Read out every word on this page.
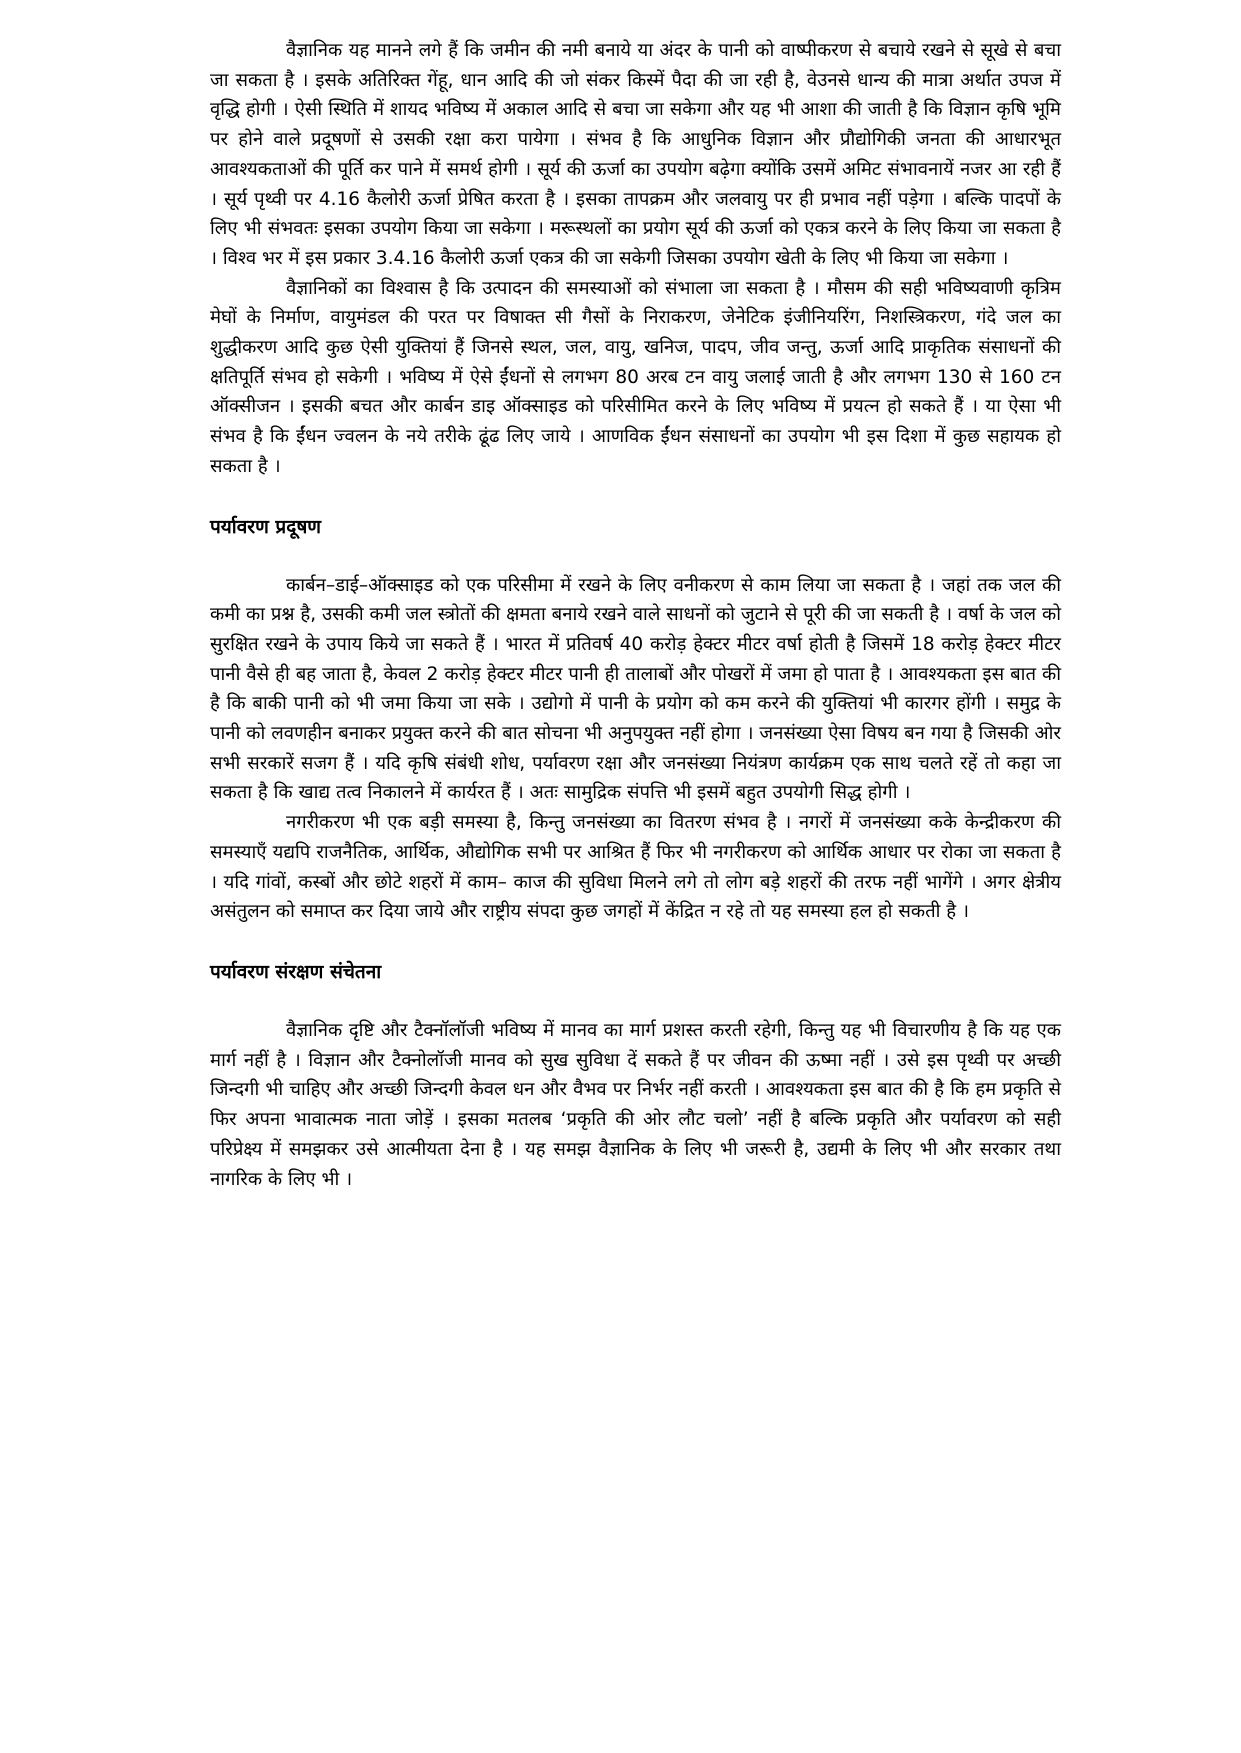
वैज्ञानिक यह मानने लगे हैं कि जमीन की नमी बनाये या अंदर के पानी को वाष्पीकरण से बचाये रखने से सूखे से बचा जा सकता है । इसके अतिरिक्त गेंहू, धान आदि की जो संकर किस्में पैदा की जा रही है, वेउनसे धान्य की मात्रा अर्थात उपज में वृद्धि होगी । ऐसी स्थिति में शायद भविष्य में अकाल आदि से बचा जा सकेगा और यह भी आशा की जाती है कि विज्ञान कृषि भूमि पर होने वाले प्रदूषणों से उसकी रक्षा करा पायेगा । संभव है कि आधुनिक विज्ञान और प्रौद्योगिकी जनता की आधारभूत आवश्यकताओं की पूर्ति कर पाने में समर्थ होगी । सूर्य की ऊर्जा का उपयोग बढ़ेगा क्योंकि उसमें अमिट संभावनायें नजर आ रही हैं । सूर्य पृथ्वी पर 4.16 कैलोरी ऊर्जा प्रेषित करता है । इसका तापक्रम और जलवायु पर ही प्रभाव नहीं पड़ेगा । बल्कि पादपों के लिए भी संभवतः इसका उपयोग किया जा सकेगा । मरूस्थलों का प्रयोग सूर्य की ऊर्जा को एकत्र करने के लिए किया जा सकता है । विश्व भर में इस प्रकार 3.4.16 कैलोरी ऊर्जा एकत्र की जा सकेगी जिसका उपयोग खेती के लिए भी किया जा सकेगा ।

वैज्ञानिकों का विश्वास है कि उत्पादन की समस्याओं को संभाला जा सकता है । मौसम की सही भविष्यवाणी कृत्रिम मेघों के निर्माण, वायुमंडल की परत पर विषाक्त सी गैसों के निराकरण, जेनेटिक इंजीनियरिंग, निशस्त्रिकरण, गंदे जल का शुद्धीकरण आदि कुछ ऐसी युक्तियां हैं जिनसे स्थल, जल, वायु, खनिज, पादप, जीव जन्तु, ऊर्जा आदि प्राकृतिक संसाधनों की क्षतिपूर्ति संभव हो सकेगी । भविष्य में ऐसे ईंधनों से लगभग 80 अरब टन वायु जलाई जाती है और लगभग 130 से 160 टन ऑक्सीजन । इसकी बचत और कार्बन डाइ ऑक्साइड को परिसीमित करने के लिए भविष्य में प्रयत्न हो सकते हैं । या ऐसा भी संभव है कि ईंधन ज्वलन के नये तरीके ढूंढ लिए जाये । आणविक ईंधन संसाधनों का उपयोग भी इस दिशा में कुछ सहायक हो सकता है ।

पर्यावरण प्रदूषण

कार्बन–डाई–ऑक्साइड को एक परिसीमा में रखने के लिए वनीकरण से काम लिया जा सकता है । जहां तक जल की कमी का प्रश्न है, उसकी कमी जल स्त्रोतों की क्षमता बनाये रखने वाले साधनों को जुटाने से पूरी की जा सकती है । वर्षा के जल को सुरक्षित रखने के उपाय किये जा सकते हैं । भारत में प्रतिवर्ष 40 करोड़ हेक्टर मीटर वर्षा होती है जिसमें 18 करोड़ हेक्टर मीटर पानी वैसे ही बह जाता है, केवल 2 करोड़ हेक्टर मीटर पानी ही तालाबों और पोखरों में जमा हो पाता है । आवश्यकता इस बात की है कि बाकी पानी को भी जमा किया जा सके । उद्योगो में पानी के प्रयोग को कम करने की युक्तियां भी कारगर होंगी । समुद्र के पानी को लवणहीन बनाकर प्रयुक्त करने की बात सोचना भी अनुपयुक्त नहीं होगा । जनसंख्या ऐसा विषय बन गया है जिसकी ओर सभी सरकारें सजग हैं । यदि कृषि संबंधी शोध, पर्यावरण रक्षा और जनसंख्या नियंत्रण कार्यक्रम एक साथ चलते रहें तो कहा जा सकता है कि खाद्य तत्व निकालने में कार्यरत हैं । अतः सामुद्रिक संपत्ति भी इसमें बहुत उपयोगी सिद्ध होगी ।

नगरीकरण भी एक बड़ी समस्या है, किन्तु जनसंख्या का वितरण संभव है । नगरों में जनसंख्या कके केन्द्रीकरण की समस्याएँ यद्यपि राजनैतिक, आर्थिक, औद्योगिक सभी पर आश्रित हैं फिर भी नगरीकरण को आर्थिक आधार पर रोका जा सकता है । यदि गांवों, कस्बों और छोटे शहरों में काम– काज की सुविधा मिलने लगे तो लोग बड़े शहरों की तरफ नहीं भागेंगे । अगर क्षेत्रीय असंतुलन को समाप्त कर दिया जाये और राष्ट्रीय संपदा कुछ जगहों में केंद्रित न रहे तो यह समस्या हल हो सकती है ।

पर्यावरण संरक्षण संचेतना

वैज्ञानिक दृष्टि और टैक्नॉलॉजी भविष्य में मानव का मार्ग प्रशस्त करती रहेगी, किन्तु यह भी विचारणीय है कि यह एक मार्ग नहीं है । विज्ञान और टैक्नोलॉजी मानव को सुख सुविधा दें सकते हैं पर जीवन की ऊष्मा नहीं । उसे इस पृथ्वी पर अच्छी जिन्दगी भी चाहिए और अच्छी जिन्दगी केवल धन और वैभव पर निर्भर नहीं करती । आवश्यकता इस बात की है कि हम प्रकृति से फिर अपना भावात्मक नाता जोड़ें । इसका मतलब ‘प्रकृति की ओर लौट चलो’ नहीं है बल्कि प्रकृति और पर्यावरण को सही परिप्रेक्ष्य में समझकर उसे आत्मीयता देना है । यह समझ वैज्ञानिक के लिए भी जरूरी है, उद्यमी के लिए भी और सरकार तथा नागरिक के लिए भी ।
